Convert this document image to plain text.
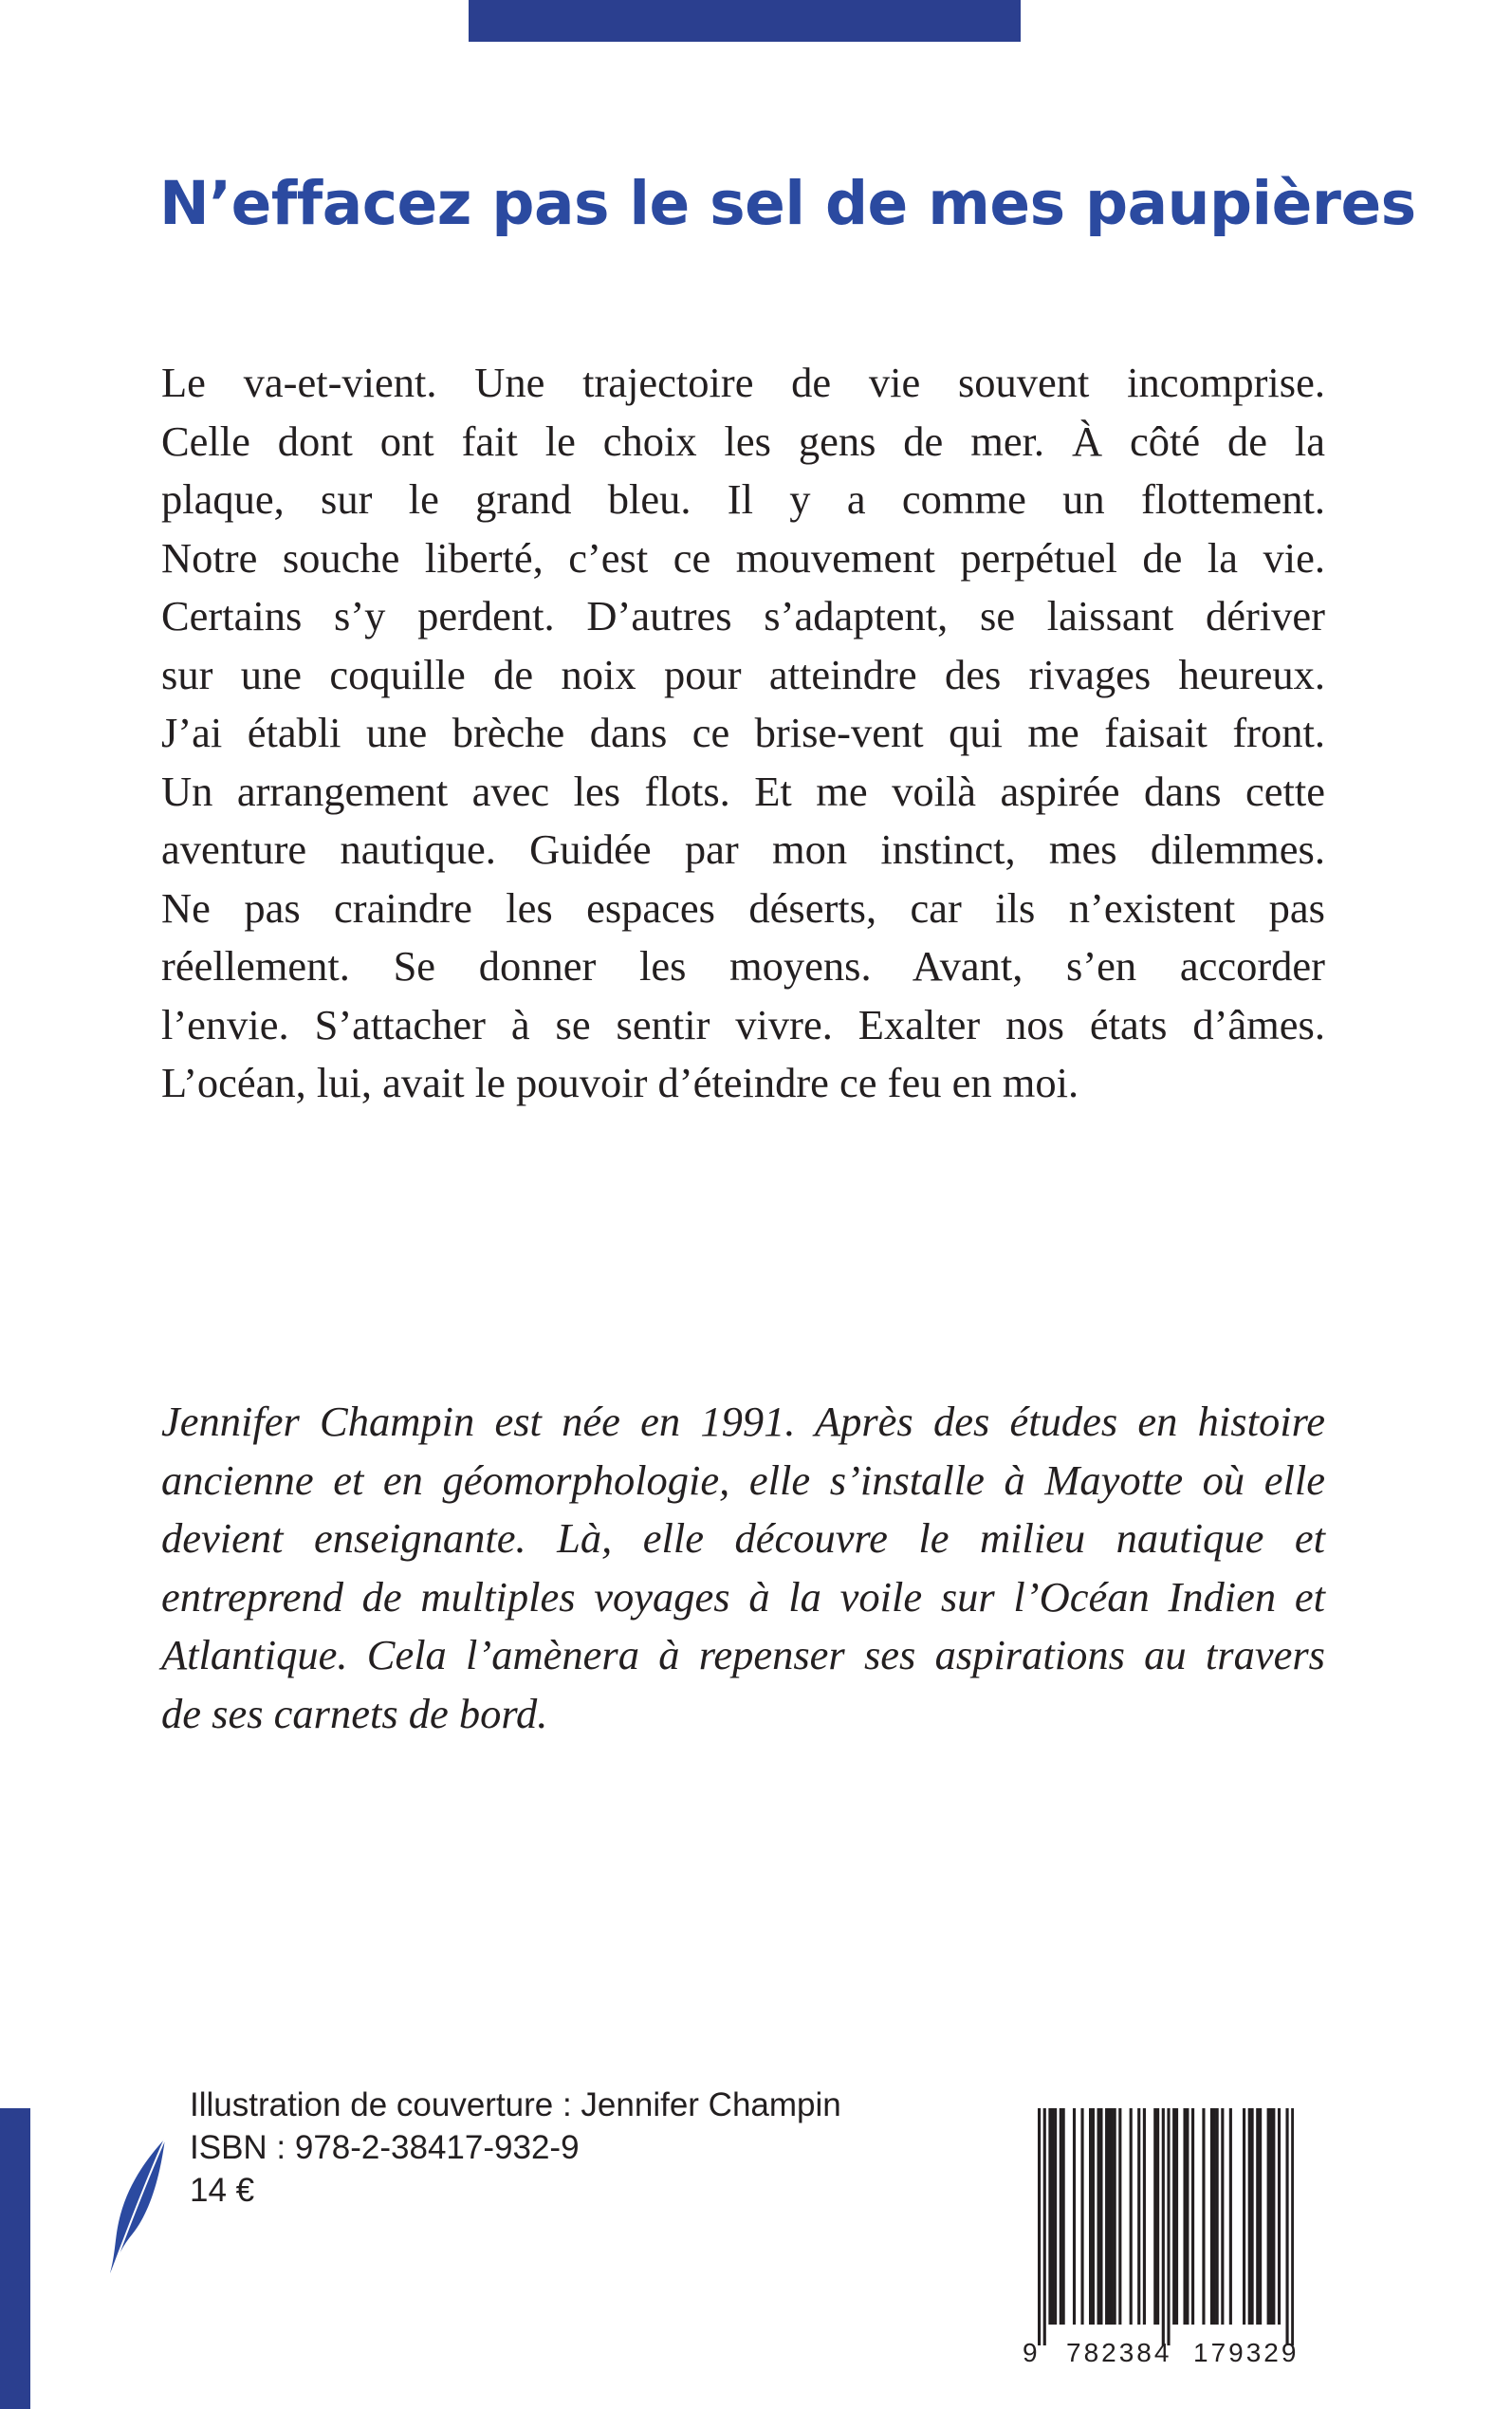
N’effacez pas le sel de mes paupières
Le va-et-vient. Une trajectoire de vie souvent incomprise.
Celle dont ont fait le choix les gens de mer. À côté de la
plaque, sur le grand bleu. Il y a comme un flottement.
Notre souche liberté, c’est ce mouvement perpétuel de la vie.
Certains s’y perdent. D’autres s’adaptent, se laissant dériver
sur une coquille de noix pour atteindre des rivages heureux.
J’ai établi une brèche dans ce brise-vent qui me faisait front.
Un arrangement avec les flots. Et me voilà aspirée dans cette
aventure nautique. Guidée par mon instinct, mes dilemmes.
Ne pas craindre les espaces déserts, car ils n’existent pas
réellement. Se donner les moyens. Avant, s’en accorder
l’envie. S’attacher à se sentir vivre. Exalter nos états d’âmes.
L’océan, lui, avait le pouvoir d’éteindre ce feu en moi.
Jennifer Champin est née en 1991. Après des études en histoire
ancienne et en géomorphologie, elle s’installe à Mayotte où elle
devient enseignante. Là, elle découvre le milieu nautique et
entreprend de multiples voyages à la voile sur l’Océan Indien et
Atlantique. Cela l’amènera à repenser ses aspirations au travers
de ses carnets de bord.
Illustration de couverture : Jennifer Champin
ISBN : 978-2-38417-932-9
14 €
9 782384 179329
